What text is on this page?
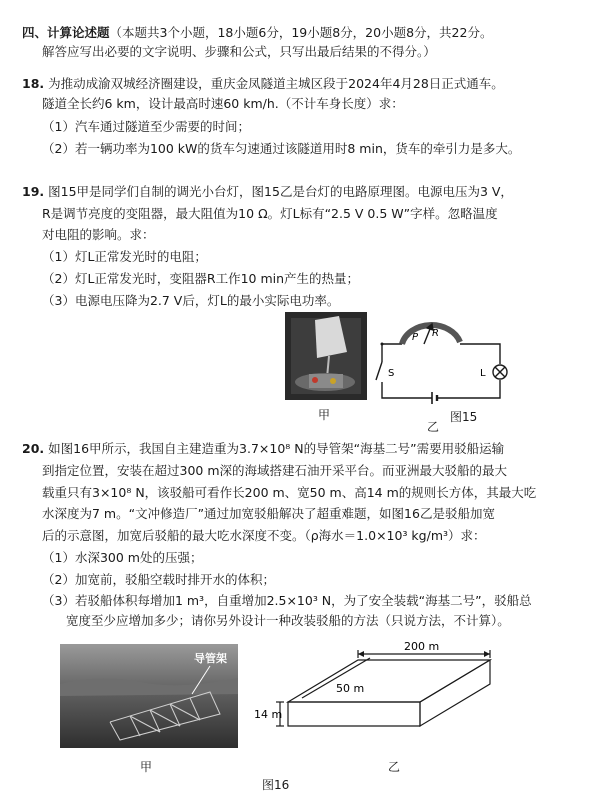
四、计算论述题（本题共3个小题，18小题6分，19小题8分，20小题8分，共22分。
解答应写出必要的文字说明、步骤和公式，只写出最后结果的不得分。）
18. 为推动成渝双城经济圈建设，重庆金凤隧道主城区段于2024年4月28日正式通车。
隧道全长约6 km，设计最高时速60 km/h.（不计车身长度）求：
（1）汽车通过隧道至少需要的时间；
（2）若一辆功率为100 kW的货车匀速通过该隧道用时8 min，货车的牵引力是多大。
19. 图15甲是同学们自制的调光小台灯，图15乙是台灯的电路原理图。电源电压为3 V，
R是调节亮度的变阻器，最大阻值为10 Ω。灯L标有“2.5 V 0.5 W”字样。忽略温度
对电阻的影响。求：
（1）灯L正常发光时的电阻；
（2）灯L正常发光时，变阻器R工作10 min产生的热量；
（3）电源电压降为2.7 V后，灯L的最小实际电功率。
甲
P R
S	L
图15
乙
20. 如图16甲所示，我国自主建造重为3.7×10⁸ N的导管架“海基二号”需要用驳船运输
到指定位置，安装在超过300 m深的海域搭建石油开采平台。而亚洲最大驳船的最大
载重只有3×10⁸ N，该驳船可看作长200 m、宽50 m、高14 m的规则长方体，其最大吃
水深度为7 m。“文冲修造厂”通过加宽驳船解决了超重难题，如图16乙是驳船加宽
后的示意图，加宽后驳船的最大吃水深度不变。（ρ海水＝1.0×10³ kg/m³）求：
（1）水深300 m处的压强；
（2）加宽前，驳船空载时排开水的体积；
（3）若驳船体积每增加1 m³，自重增加2.5×10³ N，为了安全装载“海基二号”，驳船总
宽度至少应增加多少；请你另外设计一种改装驳船的方法（只说方法，不计算）。
导管架
甲
200 m
50 m
14 m
乙
图16
